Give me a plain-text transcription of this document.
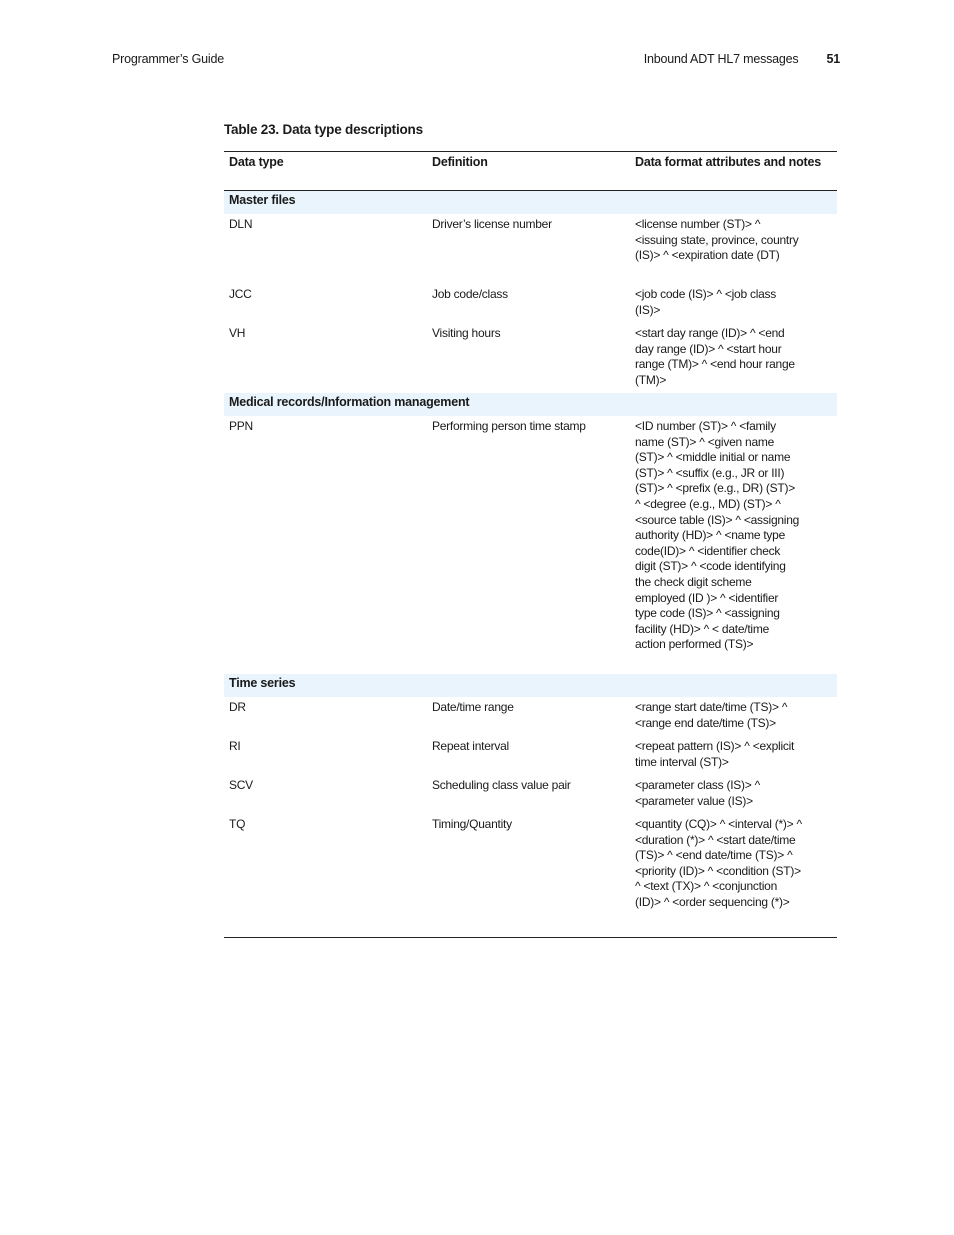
Programmer’s Guide	Inbound ADT HL7 messages 51
Table 23. Data type descriptions
Data type	Definition	Data format attributes and notes
Master files
DLN	Driver’s license number	<license number (ST)> ^ <issuing state, province, country (IS)> ^ <expiration date (DT)
JCC	Job code/class	<job code (IS)> ^ <job class (IS)>
VH	Visiting hours	<start day range (ID)> ^ <end day range (ID)> ^ <start hour range (TM)> ^ <end hour range (TM)>
Medical records/Information management
PPN	Performing person time stamp	<ID number (ST)> ^ <family name (ST)> ^ <given name (ST)> ^ <middle initial or name (ST)> ^ <suffix (e.g., JR or III) (ST)> ^ <prefix (e.g., DR) (ST)> ^ <degree (e.g., MD) (ST)> ^ <source table (IS)> ^ <assigning authority (HD)> ^ <name type code(ID)> ^ <identifier check digit (ST)> ^ <code identifying the check digit scheme employed (ID )> ^ <identifier type code (IS)> ^ <assigning facility (HD)> ^ < date/time action performed (TS)>
Time series
DR	Date/time range	<range start date/time (TS)> ^ <range end date/time (TS)>
RI	Repeat interval	<repeat pattern (IS)> ^ <explicit time interval (ST)>
SCV	Scheduling class value pair	<parameter class (IS)> ^ <parameter value (IS)>
TQ	Timing/Quantity	<quantity (CQ)> ^ <interval (*)> ^ <duration (*)> ^ <start date/time (TS)> ^ <end date/time (TS)> ^ <priority (ID)> ^ <condition (ST)> ^ <text (TX)> ^ <conjunction (ID)> ^ <order sequencing (*)>
